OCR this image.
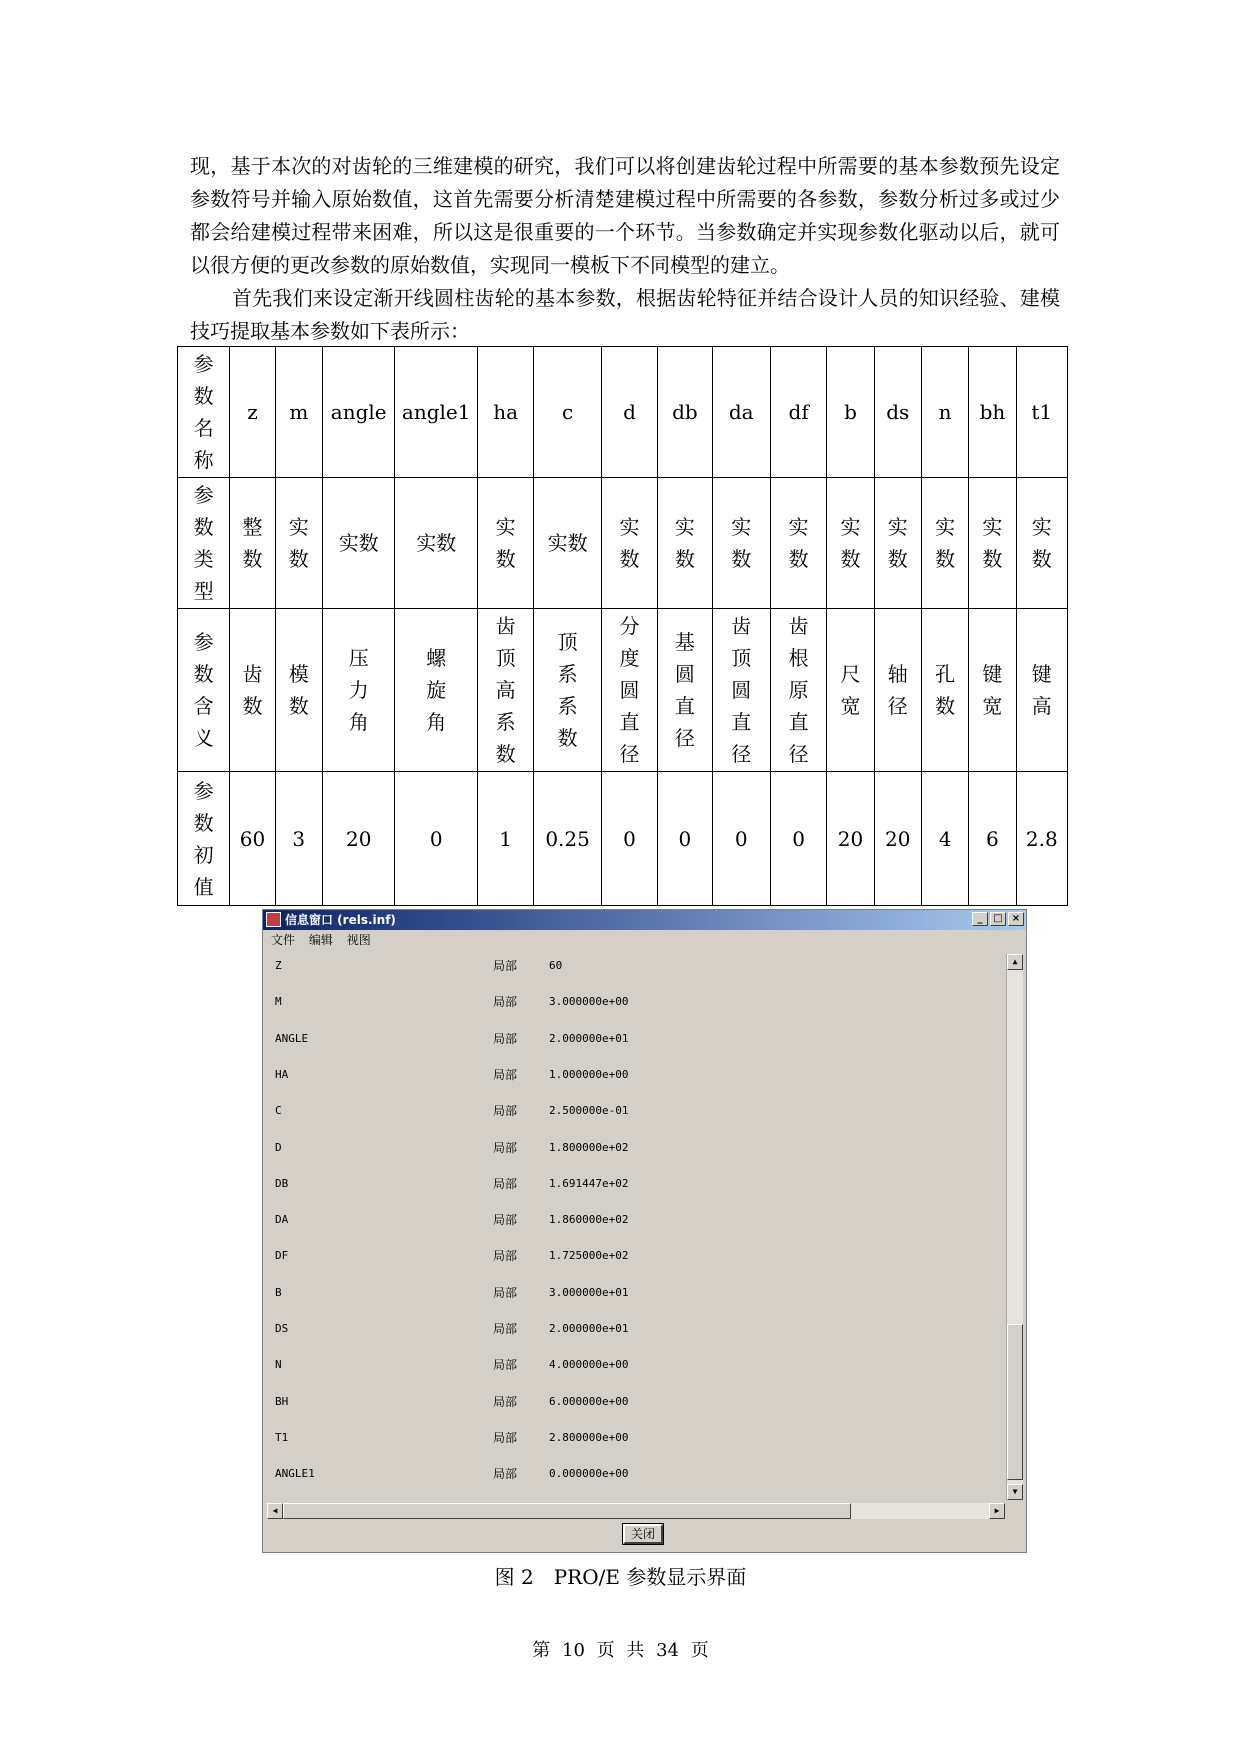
现，基于本次的对齿轮的三维建模的研究，我们可以将创建齿轮过程中所需要的基本参数预先设定参数符号并输入原始数值，这首先需要分析清楚建模过程中所需要的各参数，参数分析过多或过少都会给建模过程带来困难，所以这是很重要的一个环节。当参数确定并实现参数化驱动以后，就可以很方便的更改参数的原始数值，实现同一模板下不同模型的建立。

首先我们来设定渐开线圆柱齿轮的基本参数，根据齿轮特征并结合设计人员的知识经验、建模技巧提取基本参数如下表所示：

参数名称	z	m	angle	angle1	ha	c	d	db	da	df	b	ds	n	bh	t1
参数类型	整数	实数	实数	实数	实数	实数	实数	实数	实数	实数	实数	实数	实数	实数	实数
参数含义	齿数	模数	压力角	螺旋角	齿顶高系数	顶系系数	分度圆直径	基圆直径	齿顶圆直径	齿根原直径	尺宽	轴径	孔数	键宽	键高
参数初值	60	3	20	0	1	0.25	0	0	0	0	20	20	4	6	2.8
信息窗口 (rels.inf)	_	□ ×
文件 编辑 视图
Z	局部	60
M	局部	3.000000e+00
ANGLE	局部	2.000000e+01
HA	局部	1.000000e+00
C	局部	2.500000e-01
D	局部	1.800000e+02
DB	局部	1.691447e+02
DA	局部	1.860000e+02
DF	局部	1.725000e+02
B	局部	3.000000e+01
DS	局部	2.000000e+01
N	局部	4.000000e+00
BH	局部	6.000000e+00
T1	局部	2.800000e+00
ANGLE1	局部	0.000000e+00
▲
▼
◀	▶
关闭
图 2　PRO/E 参数显示界面
第 10 页 共 34 页
